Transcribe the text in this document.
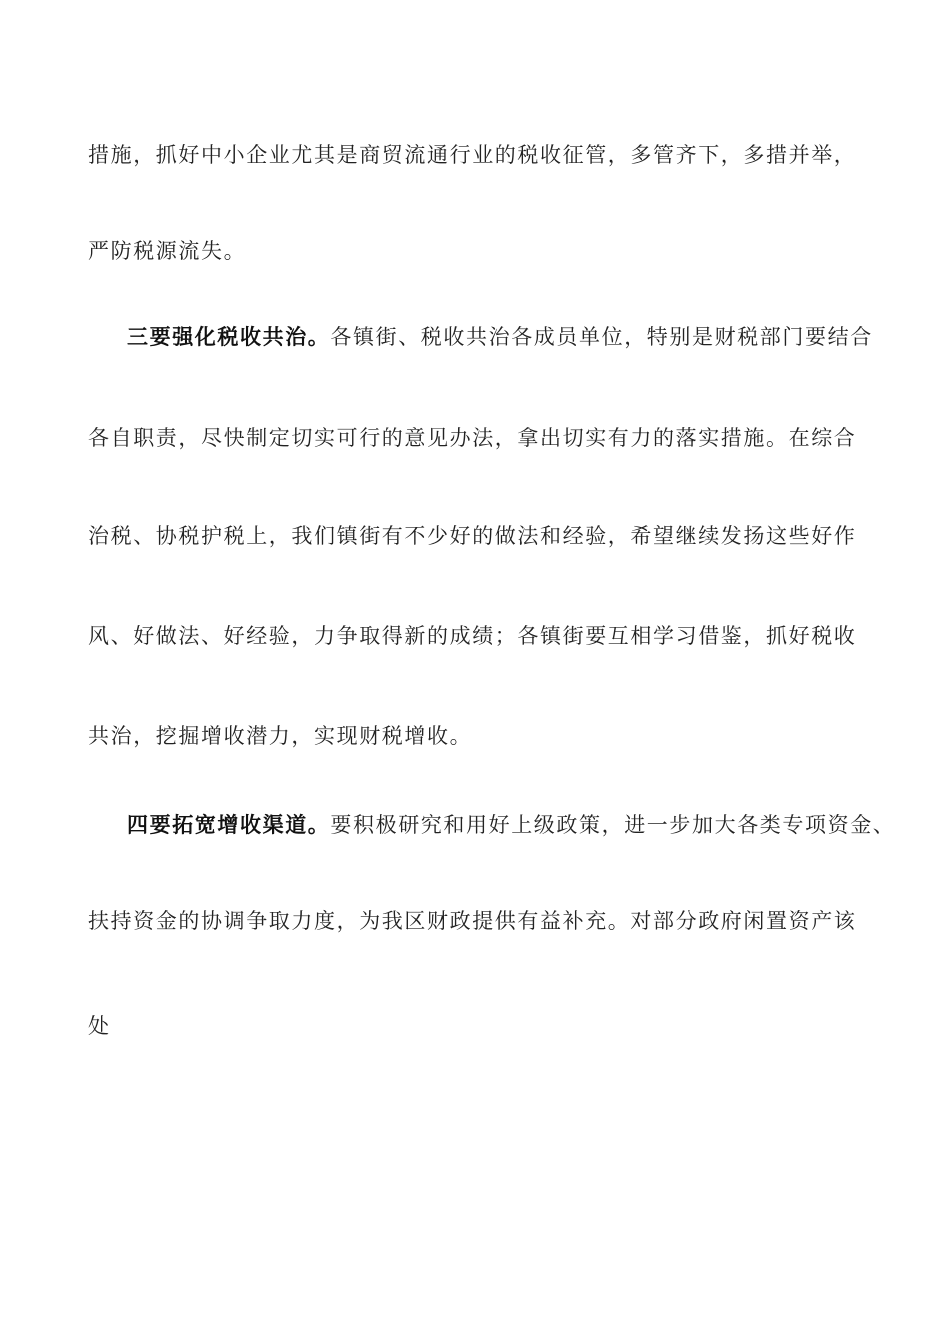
措施，抓好中小企业尤其是商贸流通行业的税收征管，多管齐下，多措并举，
严防税源流失。
三要强化税收共治。各镇街、税收共治各成员单位，特别是财税部门要结合
各自职责，尽快制定切实可行的意见办法，拿出切实有力的落实措施。在综合
治税、协税护税上，我们镇街有不少好的做法和经验，希望继续发扬这些好作
风、好做法、好经验，力争取得新的成绩；各镇街要互相学习借鉴，抓好税收
共治，挖掘增收潜力，实现财税增收。
四要拓宽增收渠道。要积极研究和用好上级政策，进一步加大各类专项资金、
扶持资金的协调争取力度，为我区财政提供有益补充。对部分政府闲置资产该
处
